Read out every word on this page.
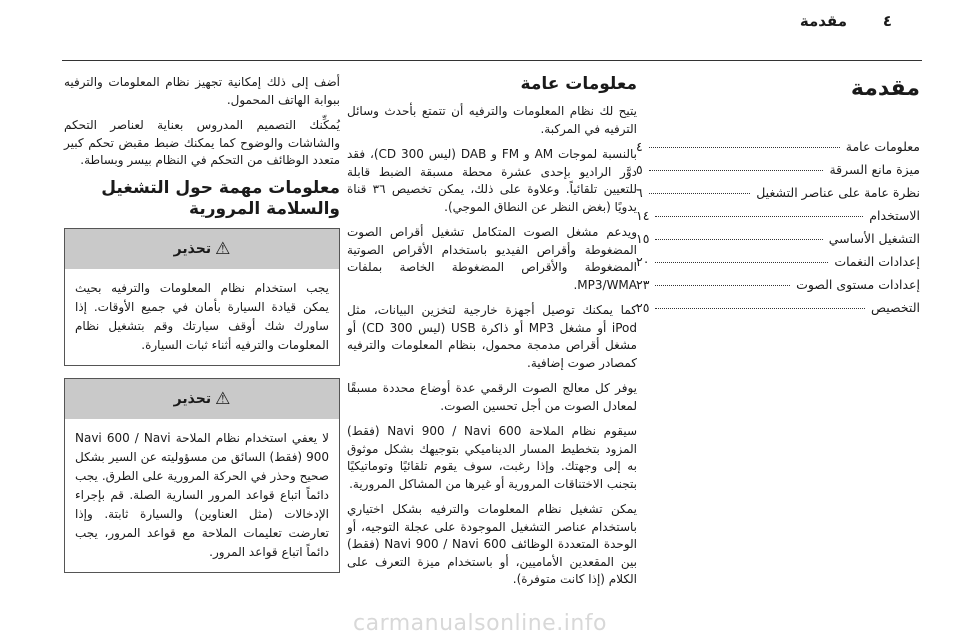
٤
مقدمة
مقدمة
معلومات عامة
٤
ميزة مانع السرقة
٥
نظرة عامة على عناصر التشغيل
٦
الاستخدام
١٤
التشغيل الأساسي
١٥
إعدادات النغمات
٢٠
إعدادات مستوى الصوت
٢٣
التخصيص
٢٥
معلومات عامة

يتيح لك نظام المعلومات والترفيه أن تتمتع بأحدث وسائل الترفيه في المركبة.

بالنسبة لموجات AM و FM و DAB (ليس CD 300)، فقد دوَّر الراديو بإحدى عشرة محطة مسبقة الضبط قابلة للتعيين تلقائياً. وعلاوة على ذلك، يمكن تخصيص ٣٦ قناة يدويًا (بغض النظر عن النطاق الموجي).

ويدعم مشغل الصوت المتكامل تشغيل أقراص الصوت المضغوطة وأقراص الفيديو باستخدام الأقراص الصوتية المضغوطة والأقراص المضغوطة الخاصة بملفات MP3/WMA.

كما يمكنك توصيل أجهزة خارجية لتخزين البيانات، مثل iPod أو مشغل MP3 أو ذاكرة USB (ليس CD 300) أو مشغل أقراص مدمجة محمول، بنظام المعلومات والترفيه كمصادر صوت إضافية.

يوفر كل معالج الصوت الرقمي عدة أوضاع محددة مسبقًا لمعادل الصوت من أجل تحسين الصوت.

سيقوم نظام الملاحة Navi 900 / Navi 600 (فقط) المزود بتخطيط المسار الديناميكي بتوجيهك بشكل موثوق به إلى وجهتك. وإذا رغبت، سوف يقوم تلقائيًا وتوماتيكيًا بتجنب الاختناقات المرورية أو غيرها من المشاكل المرورية.

يمكن تشغيل نظام المعلومات والترفيه بشكل اختياري باستخدام عناصر التشغيل الموجودة على عجلة التوجيه، أو الوحدة المتعددة الوظائف Navi 900 / Navi 600 (فقط) بين المقعدين الأماميين، أو باستخدام ميزة التعرف على الكلام (إذا كانت متوفرة).

أضف إلى ذلك إمكانية تجهيز نظام المعلومات والترفيه ببوابة الهاتف المحمول.

يُمكِّنك التصميم المدروس بعناية لعناصر التحكم والشاشات والوضوح كما يمكنك ضبط مقبض تحكم كبير متعدد الوظائف من التحكم في النظام بيسر وبساطة.

معلومات مهمة حول التشغيل والسلامة المرورية
⚠
تحذير
يجب استخدام نظام المعلومات والترفيه بحيث يمكن قيادة السيارة بأمان في جميع الأوقات. إذا ساورك شك أوقف سيارتك وقم بتشغيل نظام المعلومات والترفيه أثناء ثبات السيارة.
⚠
تحذير
لا يعفي استخدام نظام الملاحة Navi 600 / Navi 900 (فقط) السائق من مسؤوليته عن السير بشكل صحيح وحذر في الحركة المرورية على الطرق. يجب دائماً اتباع قواعد المرور السارية الصلة. قم بإجراء الإدخالات (مثل العناوين) والسيارة ثابتة. وإذا تعارضت تعليمات الملاحة مع قواعد المرور، يجب دائماً اتباع قواعد المرور.
carmanualsonline.info
